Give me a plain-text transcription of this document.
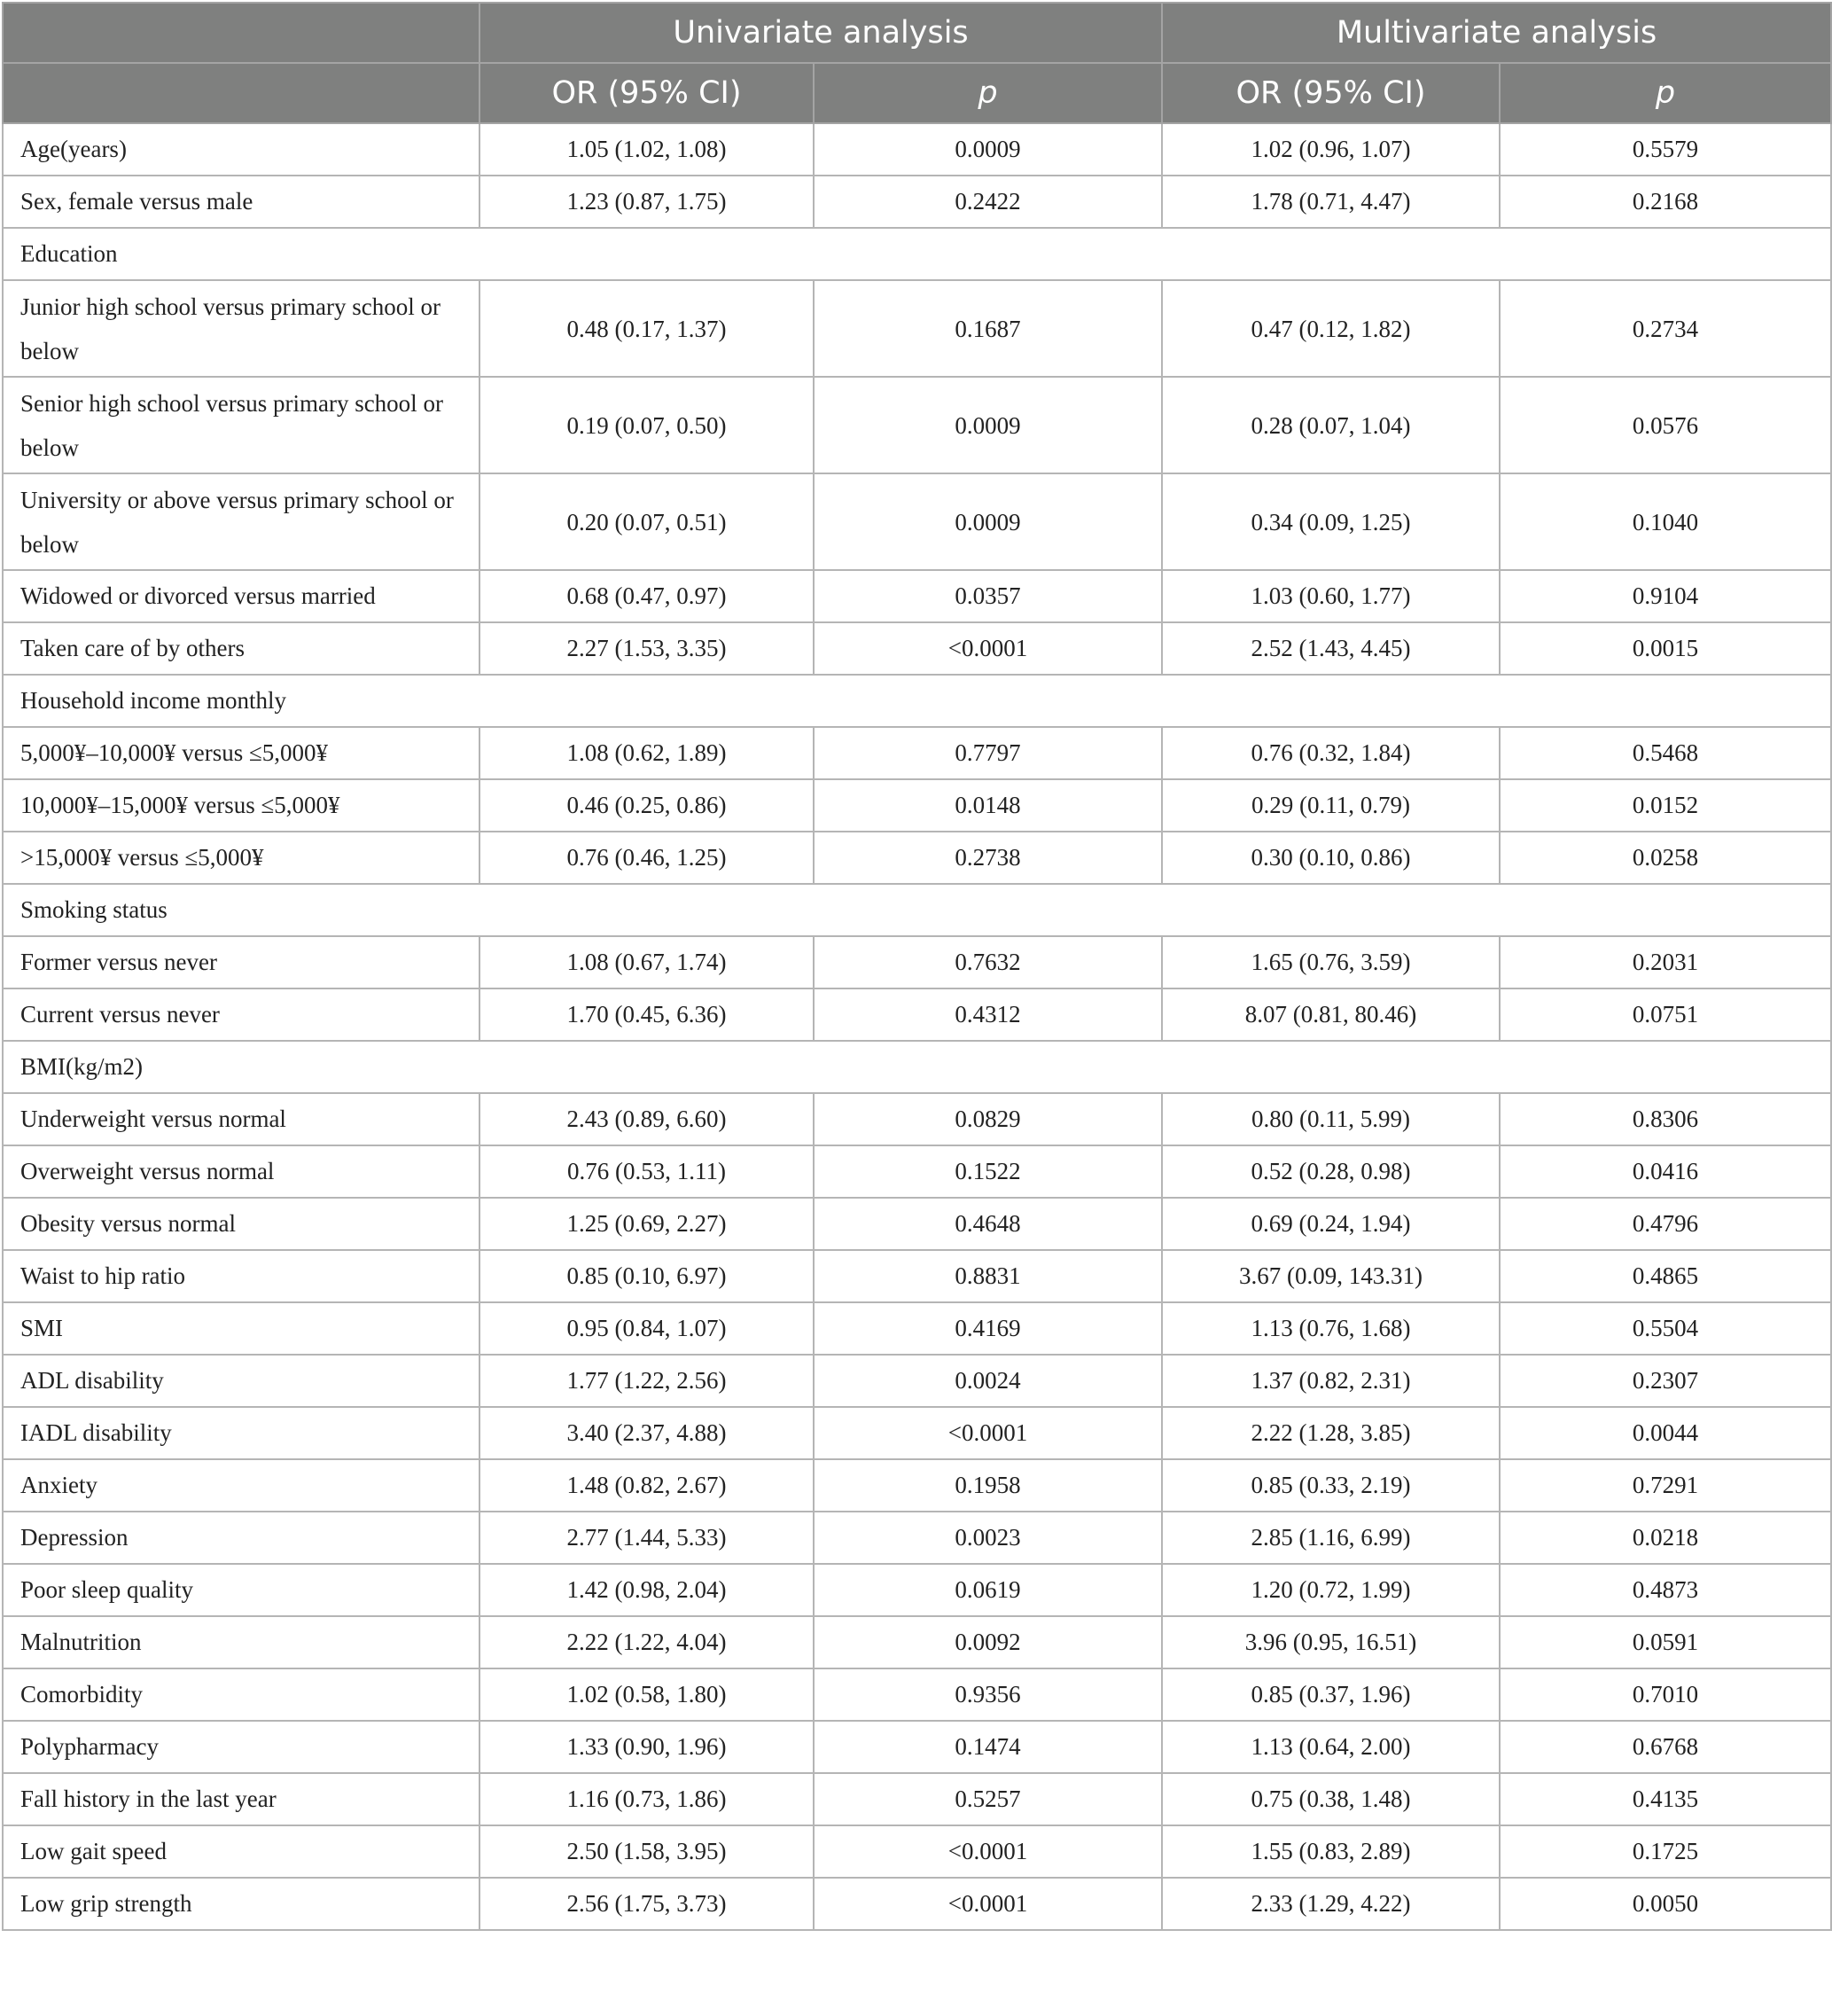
	Univariate analysis		Multivariate analysis	
	OR (95% CI)	p	OR (95% CI)	p
Age(years)	1.05 (1.02, 1.08)	0.0009	1.02 (0.96, 1.07)	0.5579
Sex, female versus male	1.23 (0.87, 1.75)	0.2422	1.78 (0.71, 4.47)	0.2168
Education				
Junior high school versus primary school or below	0.48 (0.17, 1.37)	0.1687	0.47 (0.12, 1.82)	0.2734
Senior high school versus primary school or below	0.19 (0.07, 0.50)	0.0009	0.28 (0.07, 1.04)	0.0576
University or above versus primary school or below	0.20 (0.07, 0.51)	0.0009	0.34 (0.09, 1.25)	0.1040
Widowed or divorced versus married	0.68 (0.47, 0.97)	0.0357	1.03 (0.60, 1.77)	0.9104
Taken care of by others	2.27 (1.53, 3.35)	<0.0001	2.52 (1.43, 4.45)	0.0015
Household income monthly				
5,000¥–10,000¥ versus ≤5,000¥	1.08 (0.62, 1.89)	0.7797	0.76 (0.32, 1.84)	0.5468
10,000¥–15,000¥ versus ≤5,000¥	0.46 (0.25, 0.86)	0.0148	0.29 (0.11, 0.79)	0.0152
>15,000¥ versus ≤5,000¥	0.76 (0.46, 1.25)	0.2738	0.30 (0.10, 0.86)	0.0258
Smoking status				
Former versus never	1.08 (0.67, 1.74)	0.7632	1.65 (0.76, 3.59)	0.2031
Current versus never	1.70 (0.45, 6.36)	0.4312	8.07 (0.81, 80.46)	0.0751
BMI(kg/m2)				
Underweight versus normal	2.43 (0.89, 6.60)	0.0829	0.80 (0.11, 5.99)	0.8306
Overweight versus normal	0.76 (0.53, 1.11)	0.1522	0.52 (0.28, 0.98)	0.0416
Obesity versus normal	1.25 (0.69, 2.27)	0.4648	0.69 (0.24, 1.94)	0.4796
Waist to hip ratio	0.85 (0.10, 6.97)	0.8831	3.67 (0.09, 143.31)	0.4865
SMI	0.95 (0.84, 1.07)	0.4169	1.13 (0.76, 1.68)	0.5504
ADL disability	1.77 (1.22, 2.56)	0.0024	1.37 (0.82, 2.31)	0.2307
IADL disability	3.40 (2.37, 4.88)	<0.0001	2.22 (1.28, 3.85)	0.0044
Anxiety	1.48 (0.82, 2.67)	0.1958	0.85 (0.33, 2.19)	0.7291
Depression	2.77 (1.44, 5.33)	0.0023	2.85 (1.16, 6.99)	0.0218
Poor sleep quality	1.42 (0.98, 2.04)	0.0619	1.20 (0.72, 1.99)	0.4873
Malnutrition	2.22 (1.22, 4.04)	0.0092	3.96 (0.95, 16.51)	0.0591
Comorbidity	1.02 (0.58, 1.80)	0.9356	0.85 (0.37, 1.96)	0.7010
Polypharmacy	1.33 (0.90, 1.96)	0.1474	1.13 (0.64, 2.00)	0.6768
Fall history in the last year	1.16 (0.73, 1.86)	0.5257	0.75 (0.38, 1.48)	0.4135
Low gait speed	2.50 (1.58, 3.95)	<0.0001	1.55 (0.83, 2.89)	0.1725
Low grip strength	2.56 (1.75, 3.73)	<0.0001	2.33 (1.29, 4.22)	0.0050
